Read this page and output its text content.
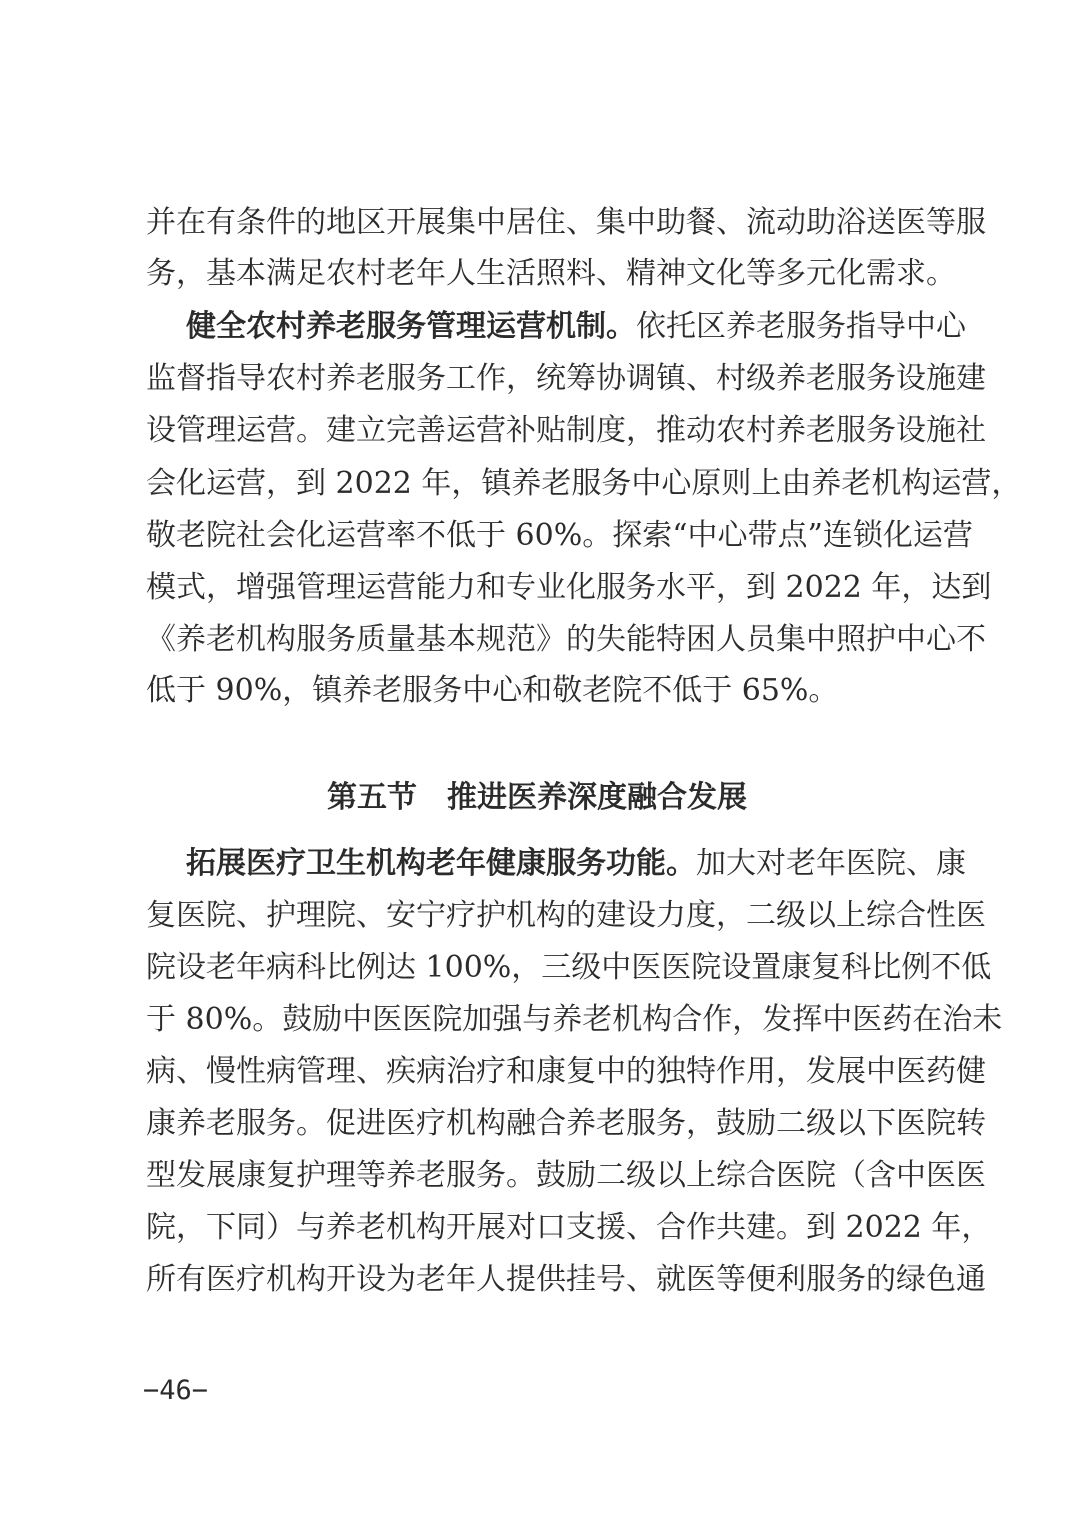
并在有条件的地区开展集中居住、集中助餐、流动助浴送医等服
务，基本满足农村老年人生活照料、精神文化等多元化需求。
健全农村养老服务管理运营机制。依托区养老服务指导中心
监督指导农村养老服务工作，统筹协调镇、村级养老服务设施建
设管理运营。建立完善运营补贴制度，推动农村养老服务设施社
会化运营，到 2022 年，镇养老服务中心原则上由养老机构运营，
敬老院社会化运营率不低于 60%。探索“中心带点”连锁化运营
模式，增强管理运营能力和专业化服务水平，到 2022 年，达到
《养老机构服务质量基本规范》的失能特困人员集中照护中心不
低于 90%，镇养老服务中心和敬老院不低于 65%。
第五节　推进医养深度融合发展
拓展医疗卫生机构老年健康服务功能。加大对老年医院、康
复医院、护理院、安宁疗护机构的建设力度，二级以上综合性医
院设老年病科比例达 100%，三级中医医院设置康复科比例不低
于 80%。鼓励中医医院加强与养老机构合作，发挥中医药在治未
病、慢性病管理、疾病治疗和康复中的独特作用，发展中医药健
康养老服务。促进医疗机构融合养老服务，鼓励二级以下医院转
型发展康复护理等养老服务。鼓励二级以上综合医院（含中医医
院，下同）与养老机构开展对口支援、合作共建。到 2022 年，
所有医疗机构开设为老年人提供挂号、就医等便利服务的绿色通
−46−
